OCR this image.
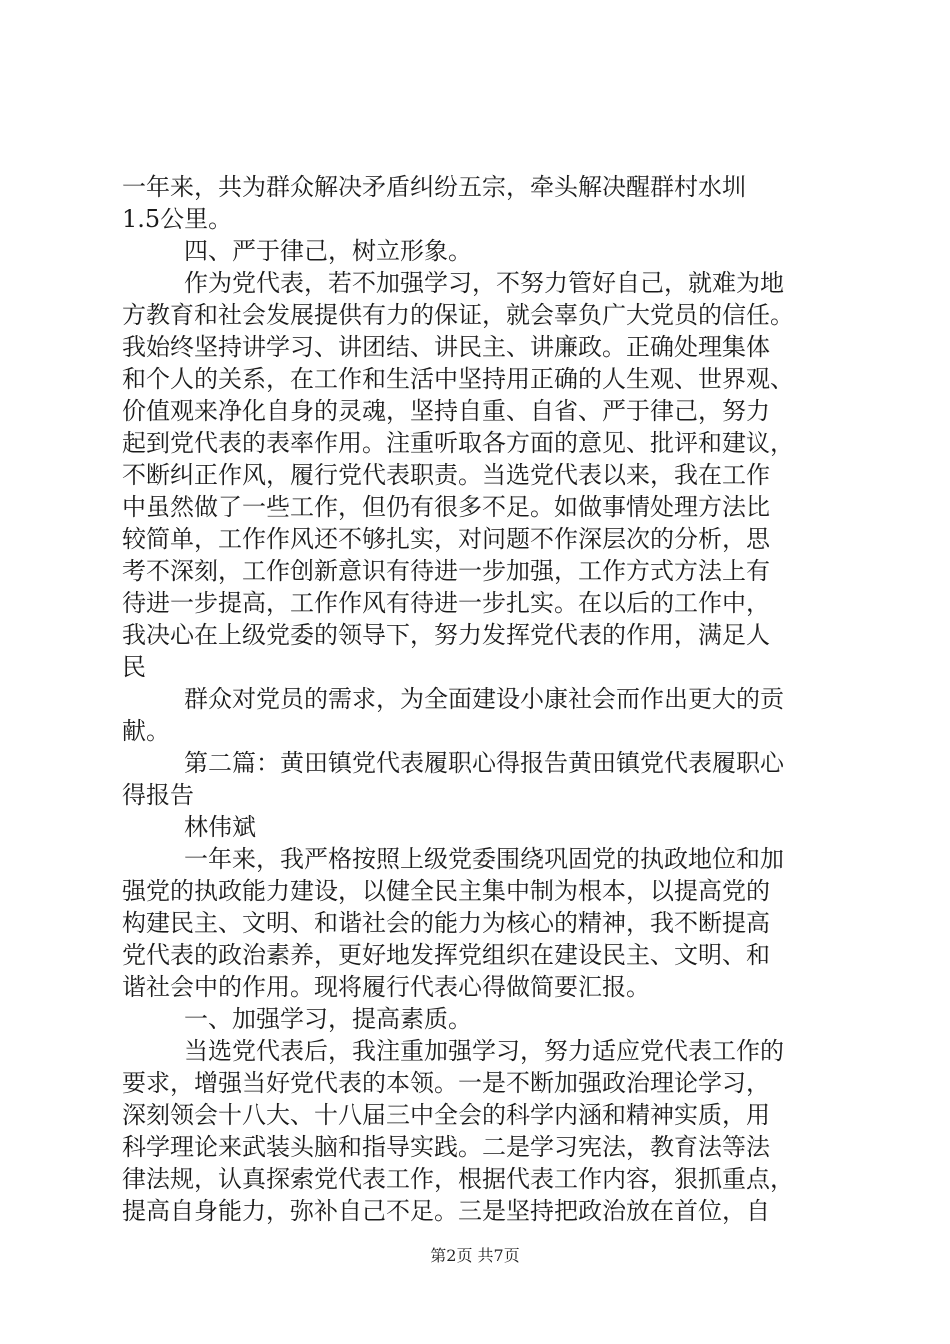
一年来，共为群众解决矛盾纠纷五宗，牵头解决醒群村水圳
1.5公里。
四、严于律己，树立形象。
作为党代表，若不加强学习，不努力管好自己，就难为地
方教育和社会发展提供有力的保证，就会辜负广大党员的信任。
我始终坚持讲学习、讲团结、讲民主、讲廉政。正确处理集体
和个人的关系，在工作和生活中坚持用正确的人生观、世界观、
价值观来净化自身的灵魂，坚持自重、自省、严于律己，努力
起到党代表的表率作用。注重听取各方面的意见、批评和建议，
不断纠正作风，履行党代表职责。当选党代表以来，我在工作
中虽然做了一些工作，但仍有很多不足。如做事情处理方法比
较简单，工作作风还不够扎实，对问题不作深层次的分析，思
考不深刻，工作创新意识有待进一步加强，工作方式方法上有
待进一步提高，工作作风有待进一步扎实。在以后的工作中，
我决心在上级党委的领导下，努力发挥党代表的作用，满足人
民
群众对党员的需求，为全面建设小康社会而作出更大的贡
献。
第二篇：黄田镇党代表履职心得报告黄田镇党代表履职心
得报告
林伟斌
一年来，我严格按照上级党委围绕巩固党的执政地位和加
强党的执政能力建设，以健全民主集中制为根本，以提高党的
构建民主、文明、和谐社会的能力为核心的精神，我不断提高
党代表的政治素养，更好地发挥党组织在建设民主、文明、和
谐社会中的作用。现将履行代表心得做简要汇报。
一、加强学习，提高素质。
当选党代表后，我注重加强学习，努力适应党代表工作的
要求，增强当好党代表的本领。一是不断加强政治理论学习，
深刻领会十八大、十八届三中全会的科学内涵和精神实质，用
科学理论来武装头脑和指导实践。二是学习宪法，教育法等法
律法规，认真探索党代表工作，根据代表工作内容，狠抓重点，
提高自身能力，弥补自己不足。三是坚持把政治放在首位，自
第2页 共7页
